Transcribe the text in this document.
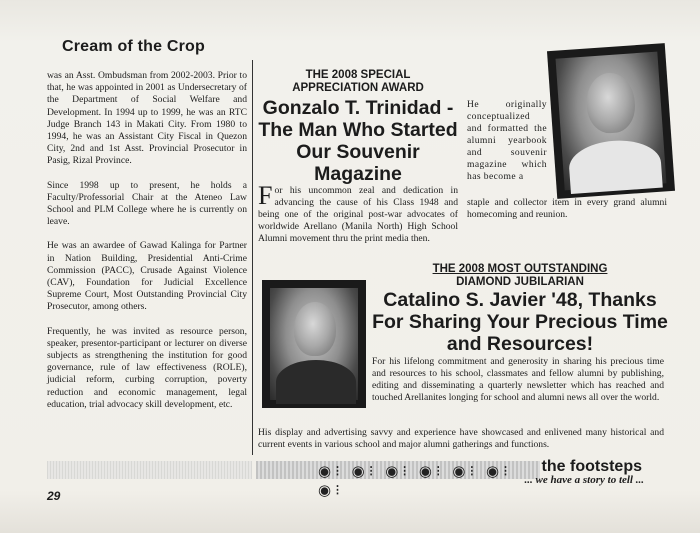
Cream of the Crop

was an Asst. Ombudsman from 2002-2003. Prior to that, he was appointed in 2001 as Undersecretary of the Department of Social Welfare and Development. In 1994 up to 1999, he was an RTC Judge Branch 143 in Makati City. From 1980 to 1994, he was an Assistant City Fiscal in Quezon City, 2nd and 1st Asst. Provincial Prosecutor in Pasig, Rizal Province.

Since 1998 up to present, he holds a Faculty/Professorial Chair at the Ateneo Law School and PLM College where he is currently on leave.

He was an awardee of Gawad Kalinga for Partner in Nation Building, Presidential Anti-Crime Commission (PACC), Crusade Against Violence (CAV), Foundation for Judicial Excellence Supreme Court, Most Outstanding Provincial City Prosecutor, among others.

Frequently, he was invited as resource person, speaker, presentor-participant or lecturer on diverse subjects as strengthening the institution for good governance, rule of law effectiveness (ROLE), judicial reform, curbing corruption, poverty reduction and economic management, legal education, trial advocacy skill development, etc.

THE 2008 SPECIAL
APPRECIATION AWARD
Gonzalo T. Trinidad - The Man Who Started Our Souvenir Magazine
For his uncommon zeal and dedication in advancing the cause of his Class 1948 and being one of the original post-war advocates of worldwide Arellano (Manila North) High School Alumni movement thru the print media then.
He originally conceptualized and formatted the alumni yearbook and souvenir magazine which has become a
staple and collector item in every grand alumni homecoming and reunion.
THE 2008 MOST OUTSTANDING
DIAMOND JUBILARIAN
Catalino S. Javier '48, Thanks For Sharing Your Precious Time and Resources!
For his lifelong commitment and generosity in sharing his precious time and resources to his school, classmates and fellow alumni by publishing, editing and disseminating a quarterly newsletter which has reached and touched Arellanites longing for school and alumni news all over the world.
His display and advertising savvy and experience have showcased and enlivened many historical and current events in various school and major alumni gatherings and functions.
◉⁝ ◉⁝ ◉⁝ ◉⁝ ◉⁝ ◉⁝ ◉⁝
the footsteps
... we have a story to tell ...
29
